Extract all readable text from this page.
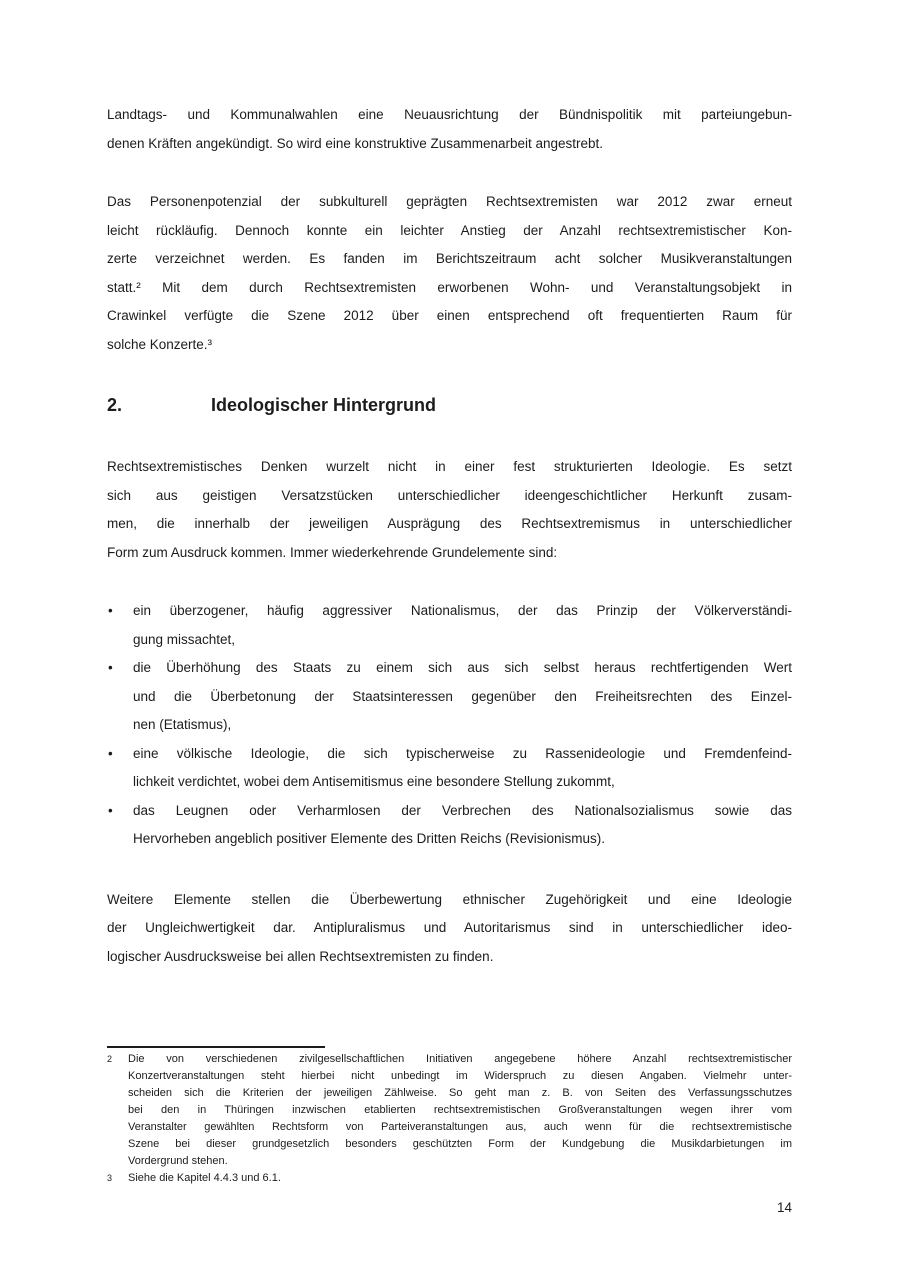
Landtags- und Kommunalwahlen eine Neuausrichtung der Bündnispolitik mit parteiungebun-
denen Kräften angekündigt. So wird eine konstruktive Zusammenarbeit angestrebt.
Das Personenpotenzial der subkulturell geprägten Rechtsextremisten war 2012 zwar erneut
leicht rückläufig. Dennoch konnte ein leichter Anstieg der Anzahl rechtsextremistischer Kon-
zerte verzeichnet werden. Es fanden im Berichtszeitraum acht solcher Musikveranstaltungen
statt.² Mit dem durch Rechtsextremisten erworbenen Wohn- und Veranstaltungsobjekt in
Crawinkel verfügte die Szene 2012 über einen entsprechend oft frequentierten Raum für
solche Konzerte.³
2.	Ideologischer Hintergrund
Rechtsextremistisches Denken wurzelt nicht in einer fest strukturierten Ideologie. Es setzt
sich aus geistigen Versatzstücken unterschiedlicher ideengeschichtlicher Herkunft zusam-
men, die innerhalb der jeweiligen Ausprägung des Rechtsextremismus in unterschiedlicher
Form zum Ausdruck kommen. Immer wiederkehrende Grundelemente sind:
• ein überzogener, häufig aggressiver Nationalismus, der das Prinzip der Völkerverständi-
gung missachtet,
• die Überhöhung des Staats zu einem sich aus sich selbst heraus rechtfertigenden Wert
und die Überbetonung der Staatsinteressen gegenüber den Freiheitsrechten des Einzel-
nen (Etatismus),
• eine völkische Ideologie, die sich typischerweise zu Rassenideologie und Fremdenfeind-
lichkeit verdichtet, wobei dem Antisemitismus eine besondere Stellung zukommt,
• das Leugnen oder Verharmlosen der Verbrechen des Nationalsozialismus sowie das
Hervorheben angeblich positiver Elemente des Dritten Reichs (Revisionismus).
Weitere Elemente stellen die Überbewertung ethnischer Zugehörigkeit und eine Ideologie
der Ungleichwertigkeit dar. Antipluralismus und Autoritarismus sind in unterschiedlicher ideo-
logischer Ausdrucksweise bei allen Rechtsextremisten zu finden.
2 Die von verschiedenen zivilgesellschaftlichen Initiativen angegebene höhere Anzahl rechtsextremistischer
Konzertveranstaltungen steht hierbei nicht unbedingt im Widerspruch zu diesen Angaben. Vielmehr unter-
scheiden sich die Kriterien der jeweiligen Zählweise. So geht man z. B. von Seiten des Verfassungsschutzes
bei den in Thüringen inzwischen etablierten rechtsextremistischen Großveranstaltungen wegen ihrer vom
Veranstalter gewählten Rechtsform von Parteiveranstaltungen aus, auch wenn für die rechtsextremistische
Szene bei dieser grundgesetzlich besonders geschützten Form der Kundgebung die Musikdarbietungen im
Vordergrund stehen.
3 Siehe die Kapitel 4.4.3 und 6.1.
14
